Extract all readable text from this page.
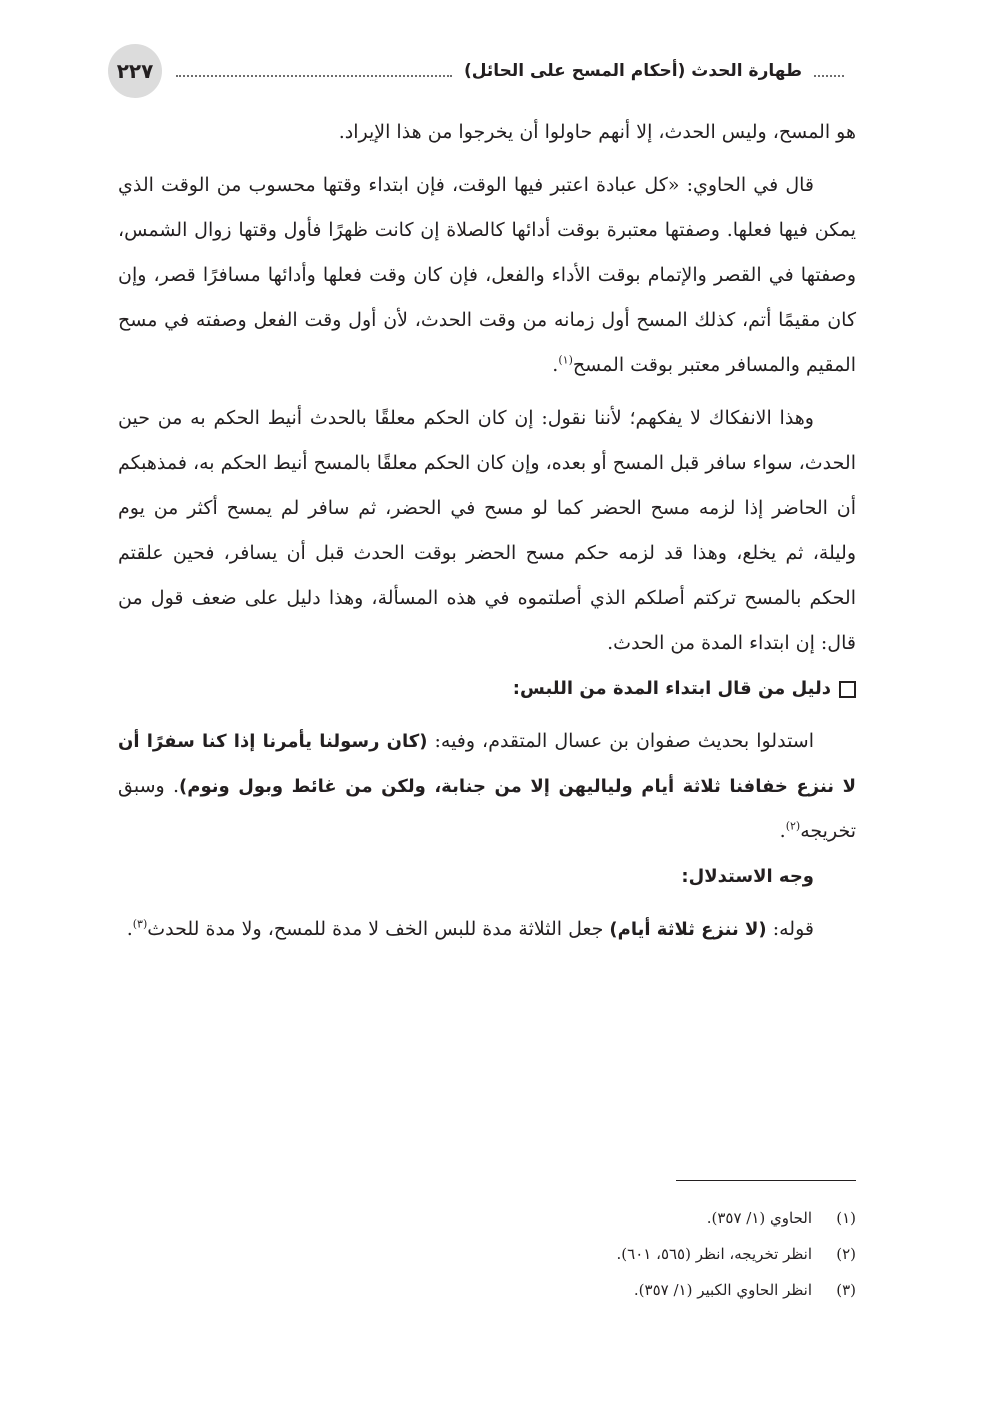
٢٢٧	طهارة الحدث (أحكام المسح على الحائل)

هو المسح، وليس الحدث، إلا أنهم حاولوا أن يخرجوا من هذا الإيراد.

قال في الحاوي: «كل عبادة اعتبر فيها الوقت، فإن ابتداء وقتها محسوب من الوقت الذي يمكن فيها فعلها. وصفتها معتبرة بوقت أدائها كالصلاة إن كانت ظهرًا فأول وقتها زوال الشمس، وصفتها في القصر والإتمام بوقت الأداء والفعل، فإن كان وقت فعلها وأدائها مسافرًا قصر، وإن كان مقيمًا أتم، كذلك المسح أول زمانه من وقت الحدث، لأن أول وقت الفعل وصفته في مسح المقيم والمسافر معتبر بوقت المسح$^{(١)}$.

وهذا الانفكاك لا يفكهم؛ لأننا نقول: إن كان الحكم معلقًا بالحدث أنيط الحكم به من حين الحدث، سواء سافر قبل المسح أو بعده، وإن كان الحكم معلقًا بالمسح أنيط الحكم به، فمذهبكم أن الحاضر إذا لزمه مسح الحضر كما لو مسح في الحضر، ثم سافر لم يمسح أكثر من يوم وليلة، ثم يخلع، وهذا قد لزمه حكم مسح الحضر بوقت الحدث قبل أن يسافر، فحين علقتم الحكم بالمسح تركتم أصلكم الذي أصلتموه في هذه المسألة، وهذا دليل على ضعف قول من قال: إن ابتداء المدة من الحدث.

دليل من قال ابتداء المدة من اللبس:

استدلوا بحديث صفوان بن عسال المتقدم، وفيه: (كان رسولنا يأمرنا إذا كنا سفرًا أن لا ننزع خفافنا ثلاثة أيام ولياليهن إلا من جنابة، ولكن من غائط وبول ونوم). وسبق تخريجه$^{(٢)}$.

وجه الاستدلال:

قوله: (لا ننزع ثلاثة أيام) جعل الثلاثة مدة للبس الخف لا مدة للمسح، ولا مدة للحدث$^{(٣)}$.

(١)الحاوي (١/ ٣٥٧).
(٢)انظر تخريجه، انظر (٥٦٥، ٦٠١).
(٣)انظر الحاوي الكبير (١/ ٣٥٧).
